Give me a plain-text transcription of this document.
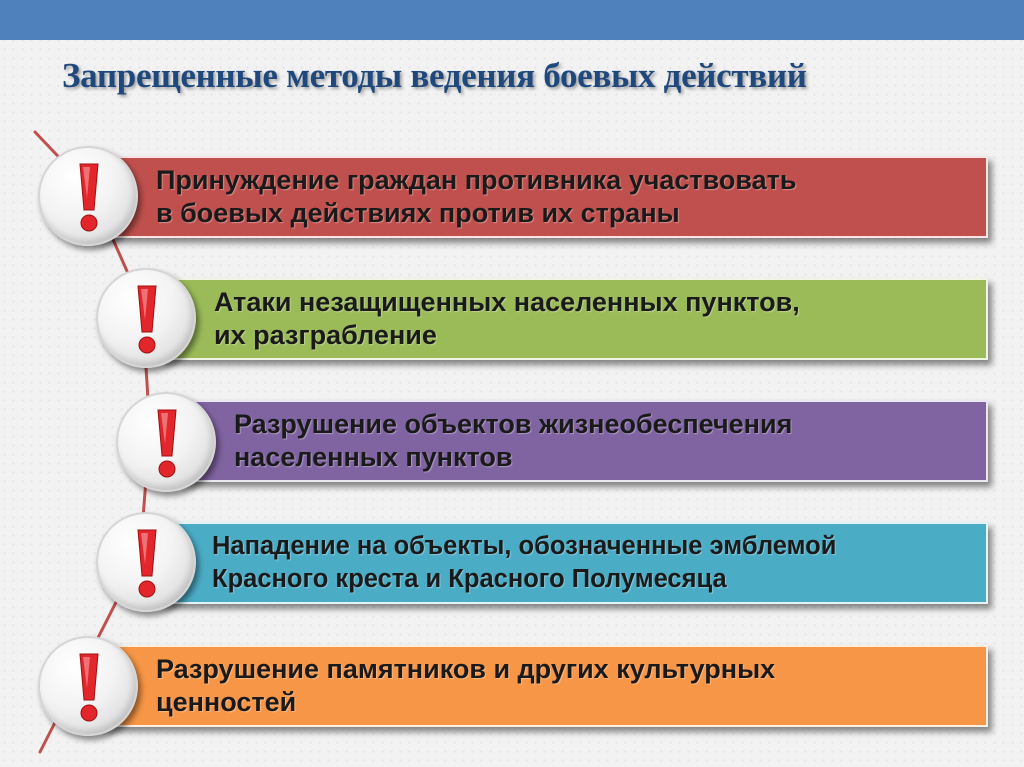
Запрещенные методы ведения боевых действий
Принуждение граждан противника участвовать
в боевых действиях против их страны
Атаки незащищенных населенных пунктов,
их разграбление
Разрушение объектов жизнеобеспечения
населенных пунктов
Нападение на объекты, обозначенные эмблемой
Красного креста и Красного Полумесяца
Разрушение памятников и других культурных
ценностей
